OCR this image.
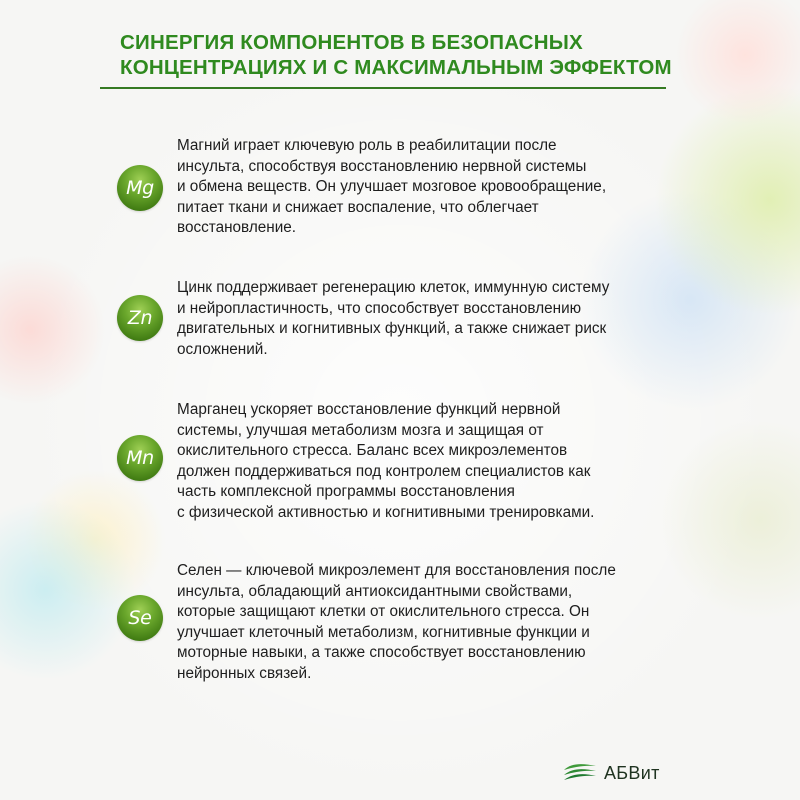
СИНЕРГИЯ КОМПОНЕНТОВ В БЕЗОПАСНЫХ
КОНЦЕНТРАЦИЯХ И С МАКСИМАЛЬНЫМ ЭФФЕКТОМ
Mg

Магний играет ключевую роль в реабилитации после
инсульта, способствуя восстановлению нервной системы
и обмена веществ. Он улучшает мозговое кровообращение,
питает ткани и снижает воспаление, что облегчает
восстановление.

Zn

Цинк поддерживает регенерацию клеток, иммунную систему
и нейропластичность, что способствует восстановлению
двигательных и когнитивных функций, а также снижает риск
осложнений.

Mn

Марганец ускоряет восстановление функций нервной
системы, улучшая метаболизм мозга и защищая от
окислительного стресса. Баланс всех микроэлементов
должен поддерживаться под контролем специалистов как
часть комплексной программы восстановления
с физической активностью и когнитивными тренировками.

Se

Селен — ключевой микроэлемент для восстановления после
инсульта, обладающий антиоксидантными свойствами,
которые защищают клетки от окислительного стресса. Он
улучшает клеточный метаболизм, когнитивные функции и
моторные навыки, а также способствует восстановлению
нейронных связей.

АБВит
